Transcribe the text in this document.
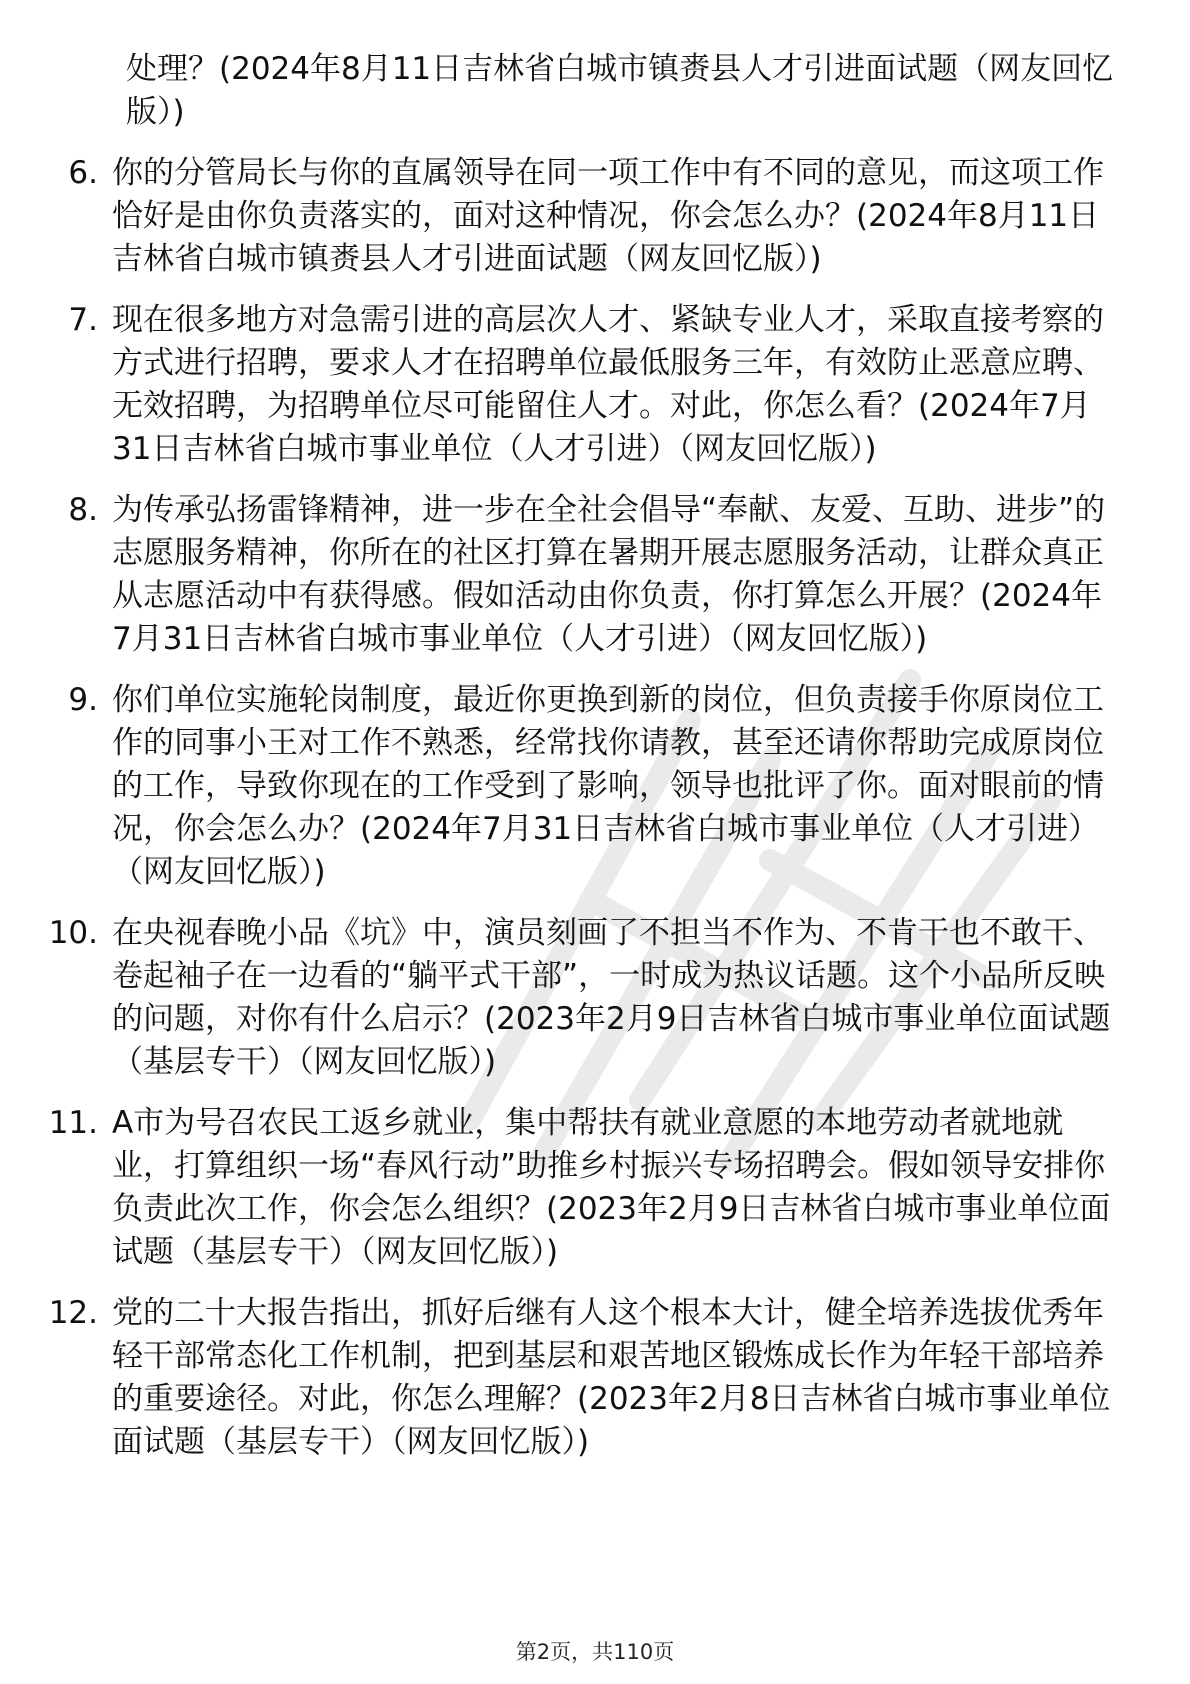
处理？(2024年8月11日吉林省白城市镇赉县人才引进面试题（网友回忆版）)
6. 你的分管局长与你的直属领导在同一项工作中有不同的意见，而这项工作恰好是由你负责落实的，面对这种情况，你会怎么办？(2024年8月11日吉林省白城市镇赉县人才引进面试题（网友回忆版）)
7. 现在很多地方对急需引进的高层次人才、紧缺专业人才，采取直接考察的方式进行招聘，要求人才在招聘单位最低服务三年，有效防止恶意应聘、无效招聘，为招聘单位尽可能留住人才。对此，你怎么看？(2024年7月31日吉林省白城市事业单位（人才引进）（网友回忆版）)
8. 为传承弘扬雷锋精神，进一步在全社会倡导“奉献、友爱、互助、进步”的志愿服务精神，你所在的社区打算在暑期开展志愿服务活动，让群众真正从志愿活动中有获得感。假如活动由你负责，你打算怎么开展？(2024年7月31日吉林省白城市事业单位（人才引进）（网友回忆版）)
9. 你们单位实施轮岗制度，最近你更换到新的岗位，但负责接手你原岗位工作的同事小王对工作不熟悉，经常找你请教，甚至还请你帮助完成原岗位的工作，导致你现在的工作受到了影响，领导也批评了你。面对眼前的情况，你会怎么办？(2024年7月31日吉林省白城市事业单位（人才引进）（网友回忆版）)
10. 在央视春晚小品《坑》中，演员刻画了不担当不作为、不肯干也不敢干、卷起袖子在一边看的“躺平式干部”，一时成为热议话题。这个小品所反映的问题，对你有什么启示？(2023年2月9日吉林省白城市事业单位面试题（基层专干）（网友回忆版）)
11. A市为号召农民工返乡就业，集中帮扶有就业意愿的本地劳动者就地就业，打算组织一场“春风行动”助推乡村振兴专场招聘会。假如领导安排你负责此次工作，你会怎么组织？(2023年2月9日吉林省白城市事业单位面试题（基层专干）（网友回忆版）)
12. 党的二十大报告指出，抓好后继有人这个根本大计，健全培养选拔优秀年轻干部常态化工作机制，把到基层和艰苦地区锻炼成长作为年轻干部培养的重要途径。对此，你怎么理解？(2023年2月8日吉林省白城市事业单位面试题（基层专干）（网友回忆版）)
第2页，共110页
